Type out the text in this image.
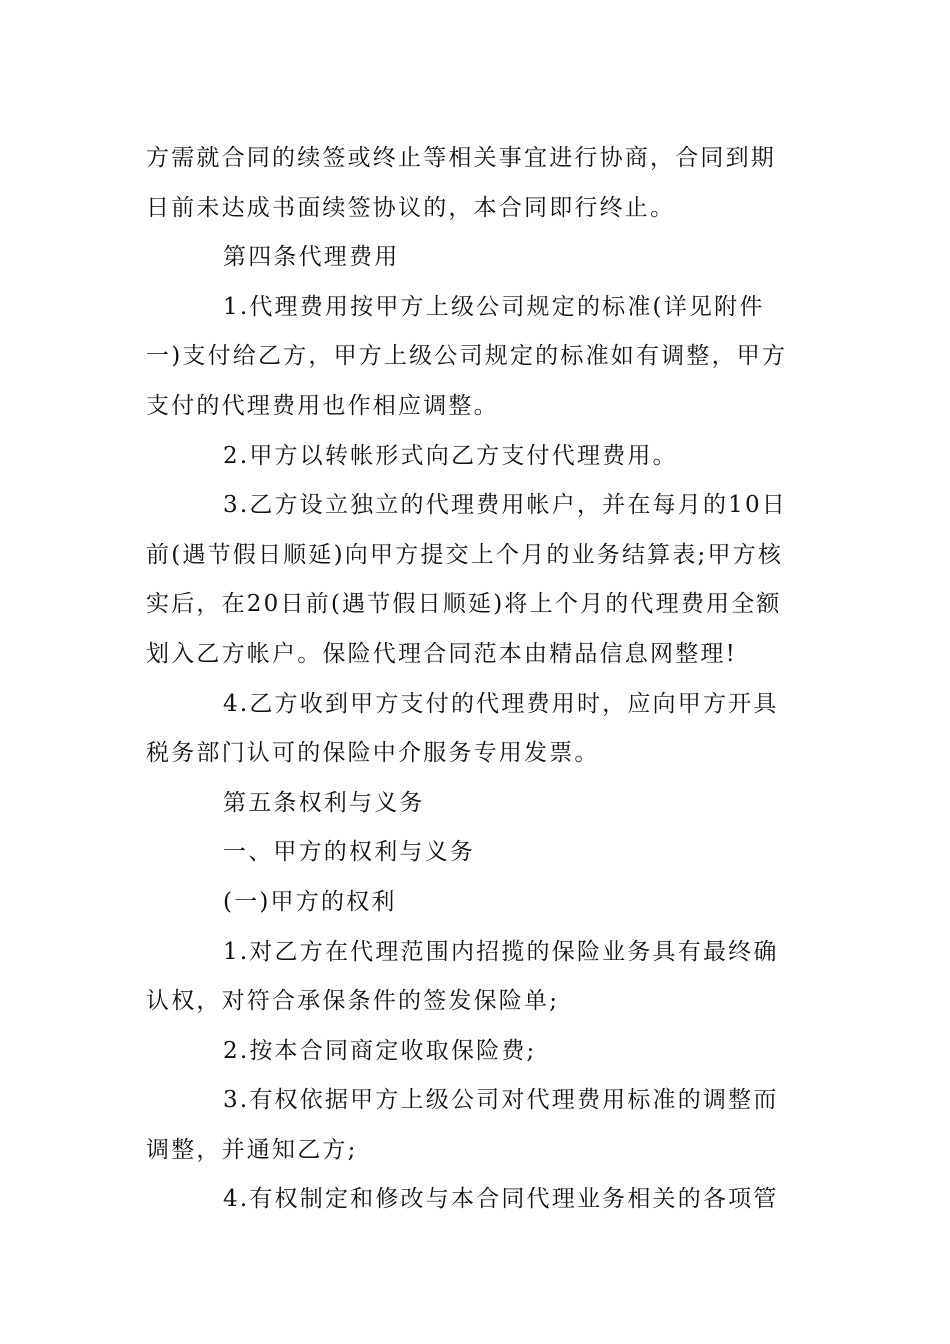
方需就合同的续签或终止等相关事宜进行协商，合同到期
日前未达成书面续签协议的，本合同即行终止。
第四条代理费用
1.代理费用按甲方上级公司规定的标准(详见附件
一)支付给乙方，甲方上级公司规定的标准如有调整，甲方
支付的代理费用也作相应调整。
2.甲方以转帐形式向乙方支付代理费用。
3.乙方设立独立的代理费用帐户，并在每月的10日
前(遇节假日顺延)向甲方提交上个月的业务结算表;甲方核
实后，在20日前(遇节假日顺延)将上个月的代理费用全额
划入乙方帐户。保险代理合同范本由精品信息网整理!
4.乙方收到甲方支付的代理费用时，应向甲方开具
税务部门认可的保险中介服务专用发票。
第五条权利与义务
一、甲方的权利与义务
(一)甲方的权利
1.对乙方在代理范围内招揽的保险业务具有最终确
认权，对符合承保条件的签发保险单;
2.按本合同商定收取保险费;
3.有权依据甲方上级公司对代理费用标准的调整而
调整，并通知乙方;
4.有权制定和修改与本合同代理业务相关的各项管
